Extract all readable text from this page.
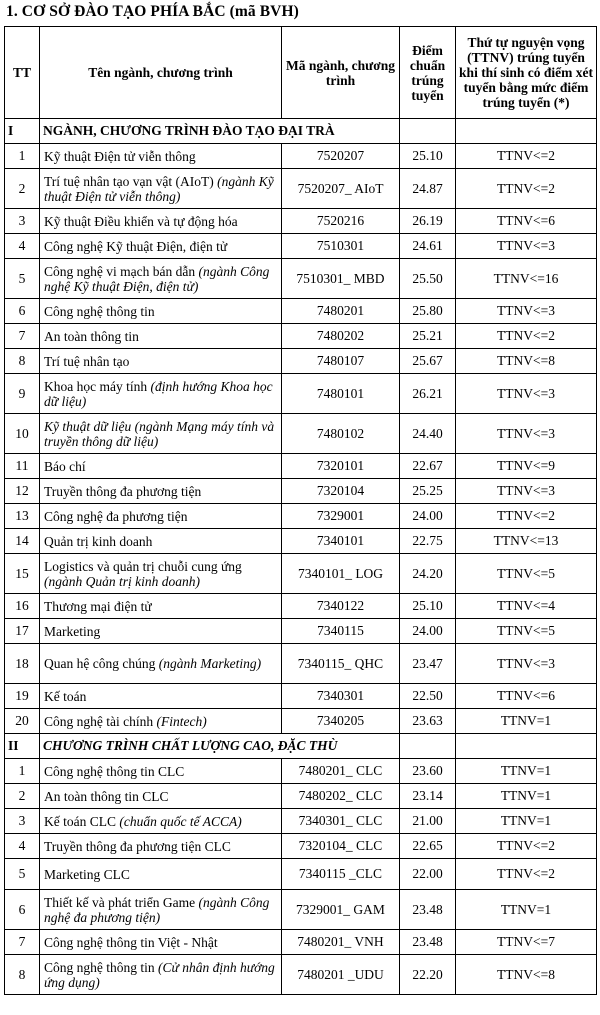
1. CƠ SỞ ĐÀO TẠO PHÍA BẮC (mã BVH)
TT	Tên ngành, chương trình	Mã ngành, chương trình	Điểm chuẩn trúng tuyển	Thứ tự nguyện vọng (TTNV) trúng tuyển khi thí sinh có điểm xét tuyển bằng mức điểm trúng tuyển (*)
I	NGÀNH, CHƯƠNG TRÌNH ĐÀO TẠO ĐẠI TRÀ			
1	Kỹ thuật Điện tử viễn thông	7520207	25.10	TTNV<=2
2	Trí tuệ nhân tạo vạn vật (AIoT) (ngành Kỹ thuật Điện tử viễn thông)	7520207_ AIoT	24.87	TTNV<=2
3	Kỹ thuật Điều khiển và tự động hóa	7520216	26.19	TTNV<=6
4	Công nghệ Kỹ thuật Điện, điện tử	7510301	24.61	TTNV<=3
5	Công nghệ vi mạch bán dẫn (ngành Công nghệ Kỹ thuật Điện, điện tử)	7510301_ MBD	25.50	TTNV<=16
6	Công nghệ thông tin	7480201	25.80	TTNV<=3
7	An toàn thông tin	7480202	25.21	TTNV<=2
8	Trí tuệ nhân tạo	7480107	25.67	TTNV<=8
9	Khoa học máy tính (định hướng Khoa học dữ liệu)	7480101	26.21	TTNV<=3
10	Kỹ thuật dữ liệu (ngành Mạng máy tính và truyền thông dữ liệu)	7480102	24.40	TTNV<=3
11	Báo chí	7320101	22.67	TTNV<=9
12	Truyền thông đa phương tiện	7320104	25.25	TTNV<=3
13	Công nghệ đa phương tiện	7329001	24.00	TTNV<=2
14	Quản trị kinh doanh	7340101	22.75	TTNV<=13
15	Logistics và quản trị chuỗi cung ứng (ngành Quản trị kinh doanh)	7340101_ LOG	24.20	TTNV<=5
16	Thương mại điện tử	7340122	25.10	TTNV<=4
17	Marketing	7340115	24.00	TTNV<=5
18	Quan hệ công chúng (ngành Marketing)	7340115_ QHC	23.47	TTNV<=3
19	Kế toán	7340301	22.50	TTNV<=6
20	Công nghệ tài chính (Fintech)	7340205	23.63	TTNV=1
II	CHƯƠNG TRÌNH CHẤT LƯỢNG CAO, ĐẶC THÙ			
1	Công nghệ thông tin CLC	7480201_ CLC	23.60	TTNV=1
2	An toàn thông tin CLC	7480202_ CLC	23.14	TTNV=1
3	Kế toán CLC (chuẩn quốc tế ACCA)	7340301_ CLC	21.00	TTNV=1
4	Truyền thông đa phương tiện CLC	7320104_ CLC	22.65	TTNV<=2
5	Marketing CLC	7340115 _CLC	22.00	TTNV<=2
6	Thiết kế và phát triển Game (ngành Công nghệ đa phương tiện)	7329001_ GAM	23.48	TTNV=1
7	Công nghệ thông tin Việt - Nhật	7480201_ VNH	23.48	TTNV<=7
8	Công nghệ thông tin (Cử nhân định hướng ứng dụng)	7480201 _UDU	22.20	TTNV<=8
